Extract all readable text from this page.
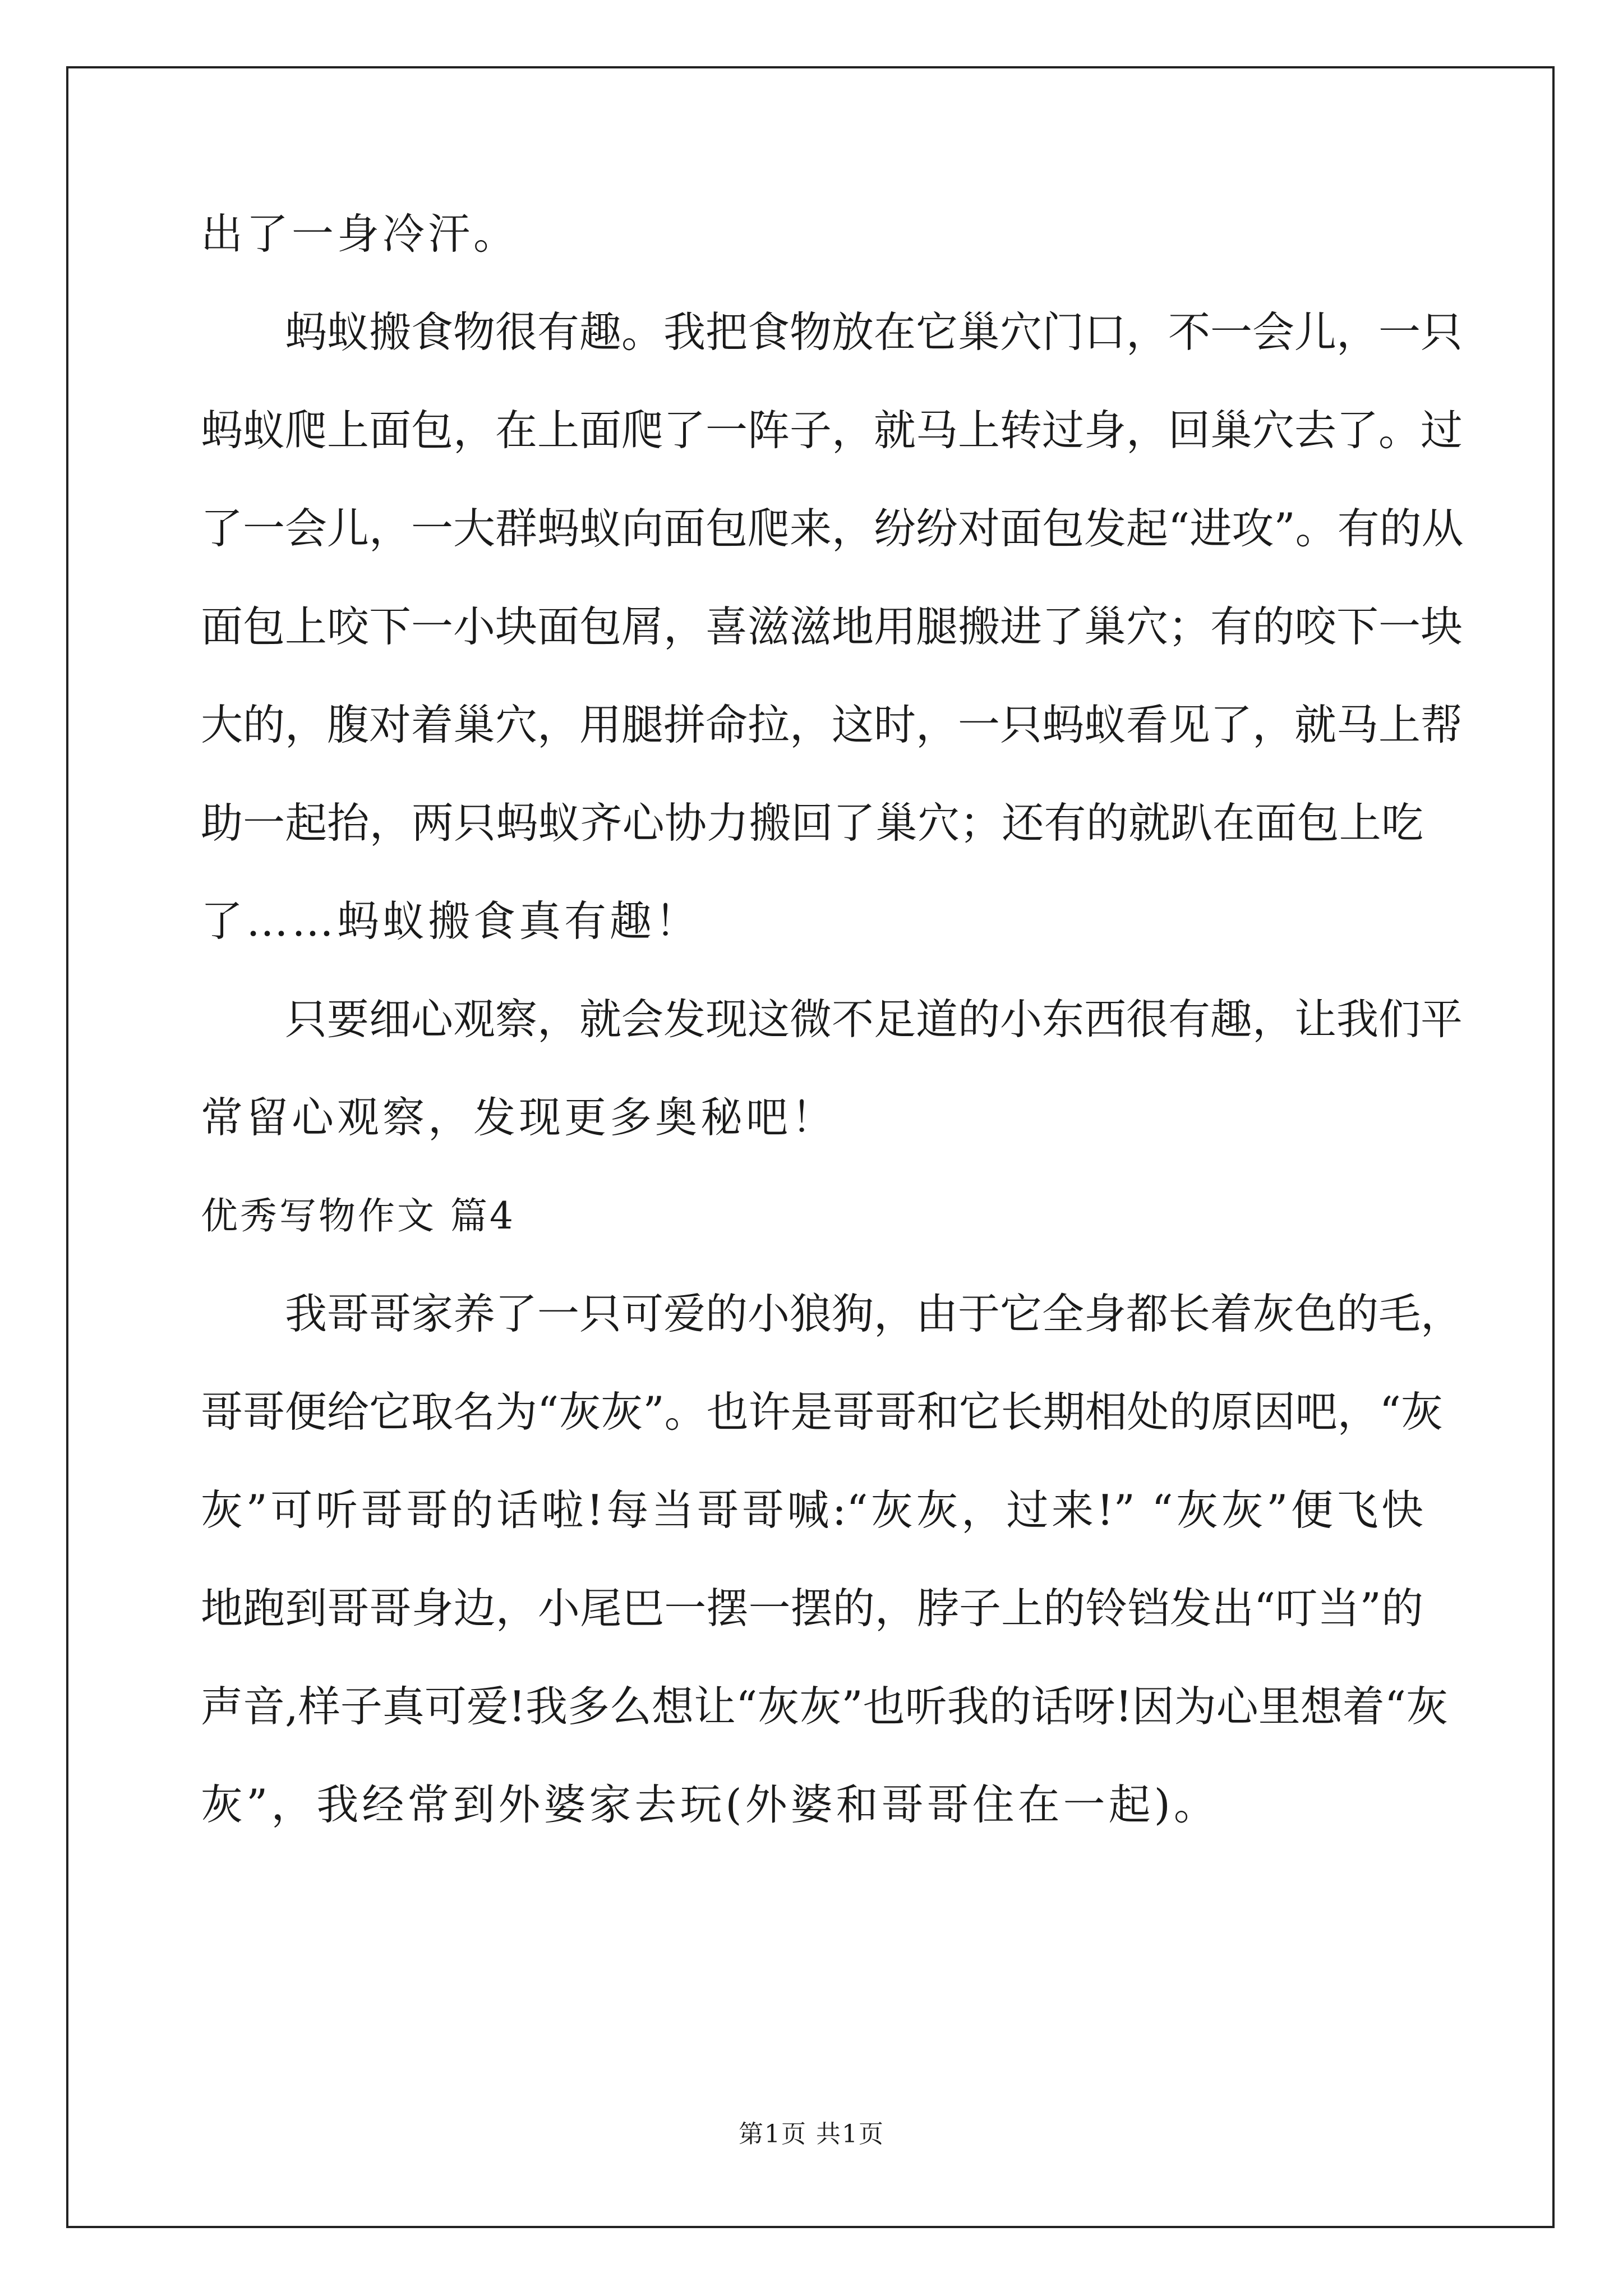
出了一身冷汗。
蚂蚁搬食物很有趣。我把食物放在它巢穴门口，不一会儿，一只
蚂蚁爬上面包，在上面爬了一阵子，就马上转过身，回巢穴去了。过
了一会儿，一大群蚂蚁向面包爬来，纷纷对面包发起“进攻”。有的从
面包上咬下一小块面包屑，喜滋滋地用腿搬进了巢穴；有的咬下一块
大的，腹对着巢穴，用腿拼命拉，这时，一只蚂蚁看见了，就马上帮
助一起抬，两只蚂蚁齐心协力搬回了巢穴；还有的就趴在面包上吃
了……蚂蚁搬食真有趣！
只要细心观察，就会发现这微不足道的小东西很有趣，让我们平
常留心观察，发现更多奥秘吧！
优秀写物作文 篇4
我哥哥家养了一只可爱的小狼狗，由于它全身都长着灰色的毛，
哥哥便给它取名为“灰灰”。也许是哥哥和它长期相处的原因吧，“灰
灰”可听哥哥的话啦!每当哥哥喊:“灰灰，过来!” “灰灰”便飞快
地跑到哥哥身边，小尾巴一摆一摆的，脖子上的铃铛发出“叮当”的
声音,样子真可爱!我多么想让“灰灰”也听我的话呀!因为心里想着“灰
灰”，我经常到外婆家去玩(外婆和哥哥住在一起)。
第1页 共1页
